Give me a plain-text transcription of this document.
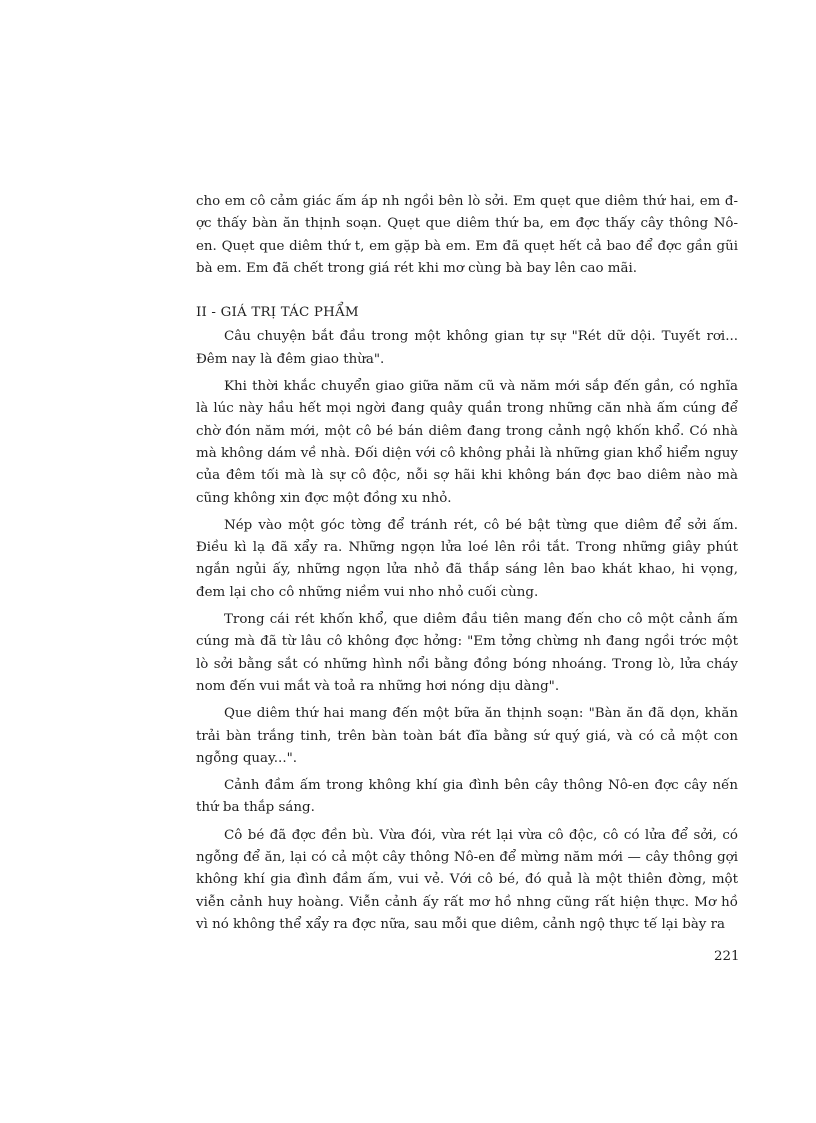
cho em cô cảm giác ấm áp nh ngồi bên lò sởi. Em quẹt que diêm thứ hai, em đợc thấy bàn ăn thịnh soạn. Quẹt que diêm thứ ba, em đợc thấy cây thông Nô-en. Quẹt que diêm thứ t, em gặp bà em. Em đã quẹt hết cả bao để đợc gần gũi bà em. Em đã chết trong giá rét khi mơ cùng bà bay lên cao mãi.

II - GIÁ TRỊ TÁC PHẨM

Câu chuyện bắt đầu trong một không gian tự sự "Rét dữ dội. Tuyết rơi... Đêm nay là đêm giao thừa".

Khi thời khắc chuyển giao giữa năm cũ và năm mới sắp đến gần, có nghĩa là lúc này hầu hết mọi ngời đang quây quần trong những căn nhà ấm cúng để chờ đón năm mới, một cô bé bán diêm đang trong cảnh ngộ khốn khổ. Có nhà mà không dám về nhà. Đối diện với cô không phải là những gian khổ hiểm nguy của đêm tối mà là sự cô độc, nỗi sợ hãi khi không bán đợc bao diêm nào mà cũng không xin đợc một đồng xu nhỏ.

Nép vào một góc tờng để tránh rét, cô bé bật từng que diêm để sởi ấm. Điều kì lạ đã xẩy ra. Những ngọn lửa loé lên rồi tắt. Trong những giây phút ngắn ngủi ấy, những ngọn lửa nhỏ đã thắp sáng lên bao khát khao, hi vọng, đem lại cho cô những niềm vui nho nhỏ cuối cùng.

Trong cái rét khốn khổ, que diêm đầu tiên mang đến cho cô một cảnh ấm cúng mà đã từ lâu cô không đợc hởng: "Em tởng chừng nh đang ngồi trớc một lò sởi bằng sắt có những hình nổi bằng đồng bóng nhoáng. Trong lò, lửa cháy nom đến vui mắt và toả ra những hơi nóng dịu dàng".

Que diêm thứ hai mang đến một bữa ăn thịnh soạn: "Bàn ăn đã dọn, khăn trải bàn trắng tinh, trên bàn toàn bát đĩa bằng sứ quý giá, và có cả một con ngỗng quay...".

Cảnh đầm ấm trong không khí gia đình bên cây thông Nô-en đợc cây nến thứ ba thắp sáng.

Cô bé đã đợc đền bù. Vừa đói, vừa rét lại vừa cô độc, cô có lửa để sởi, có ngỗng để ăn, lại có cả một cây thông Nô-en để mừng năm mới — cây thông gợi không khí gia đình đầm ấm, vui vẻ. Với cô bé, đó quả là một thiên đờng, một viễn cảnh huy hoàng. Viễn cảnh ấy rất mơ hồ nhng cũng rất hiện thực. Mơ hồ vì nó không thể xẩy ra đợc nữa, sau mỗi que diêm, cảnh ngộ thực tế lại bày ra

221
